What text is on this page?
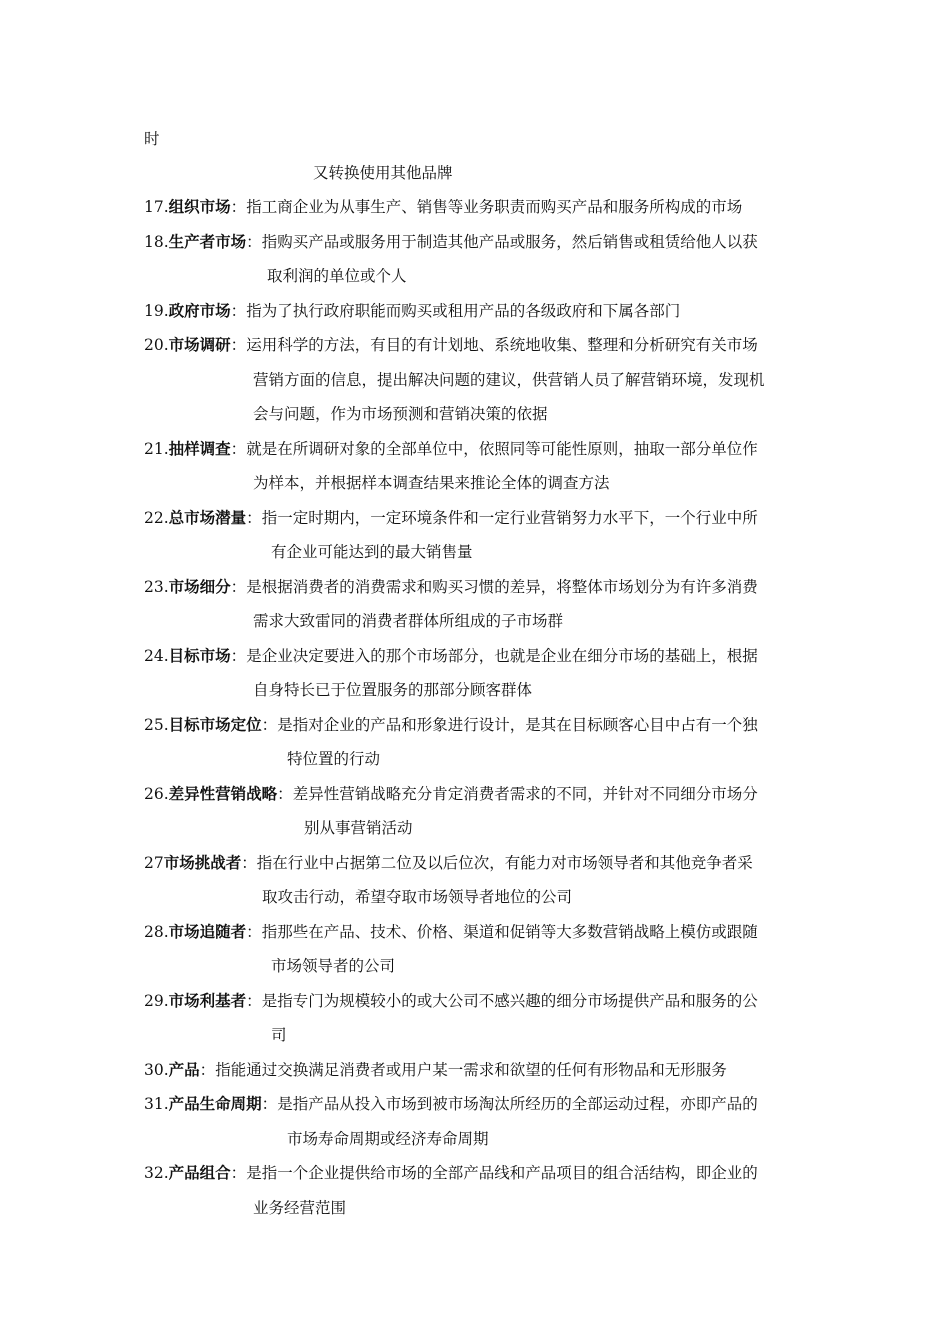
时
又转换使用其他品牌
17.组织市场：指工商企业为从事生产、销售等业务职责而购买产品和服务所构成的市场
18.生产者市场：指购买产品或服务用于制造其他产品或服务，然后销售或租赁给他人以获
取利润的单位或个人
19.政府市场：指为了执行政府职能而购买或租用产品的各级政府和下属各部门
20.市场调研：运用科学的方法，有目的有计划地、系统地收集、整理和分析研究有关市场
营销方面的信息，提出解决问题的建议，供营销人员了解营销环境，发现机
会与问题，作为市场预测和营销决策的依据
21.抽样调查：就是在所调研对象的全部单位中，依照同等可能性原则，抽取一部分单位作
为样本，并根据样本调查结果来推论全体的调查方法
22.总市场潜量：指一定时期内，一定环境条件和一定行业营销努力水平下，一个行业中所
有企业可能达到的最大销售量
23.市场细分：是根据消费者的消费需求和购买习惯的差异，将整体市场划分为有许多消费
需求大致雷同的消费者群体所组成的子市场群
24.目标市场：是企业决定要进入的那个市场部分，也就是企业在细分市场的基础上，根据
自身特长已于位置服务的那部分顾客群体
25.目标市场定位：是指对企业的产品和形象进行设计，是其在目标顾客心目中占有一个独
特位置的行动
26.差异性营销战略：差异性营销战略充分肯定消费者需求的不同，并针对不同细分市场分
别从事营销活动
27市场挑战者：指在行业中占据第二位及以后位次，有能力对市场领导者和其他竞争者采
取攻击行动，希望夺取市场领导者地位的公司
28.市场追随者：指那些在产品、技术、价格、渠道和促销等大多数营销战略上模仿或跟随
市场领导者的公司
29.市场利基者：是指专门为规模较小的或大公司不感兴趣的细分市场提供产品和服务的公
司
30.产品：指能通过交换满足消费者或用户某一需求和欲望的任何有形物品和无形服务
31.产品生命周期：是指产品从投入市场到被市场淘汰所经历的全部运动过程，亦即产品的
市场寿命周期或经济寿命周期
32.产品组合：是指一个企业提供给市场的全部产品线和产品项目的组合活结构，即企业的
业务经营范围
